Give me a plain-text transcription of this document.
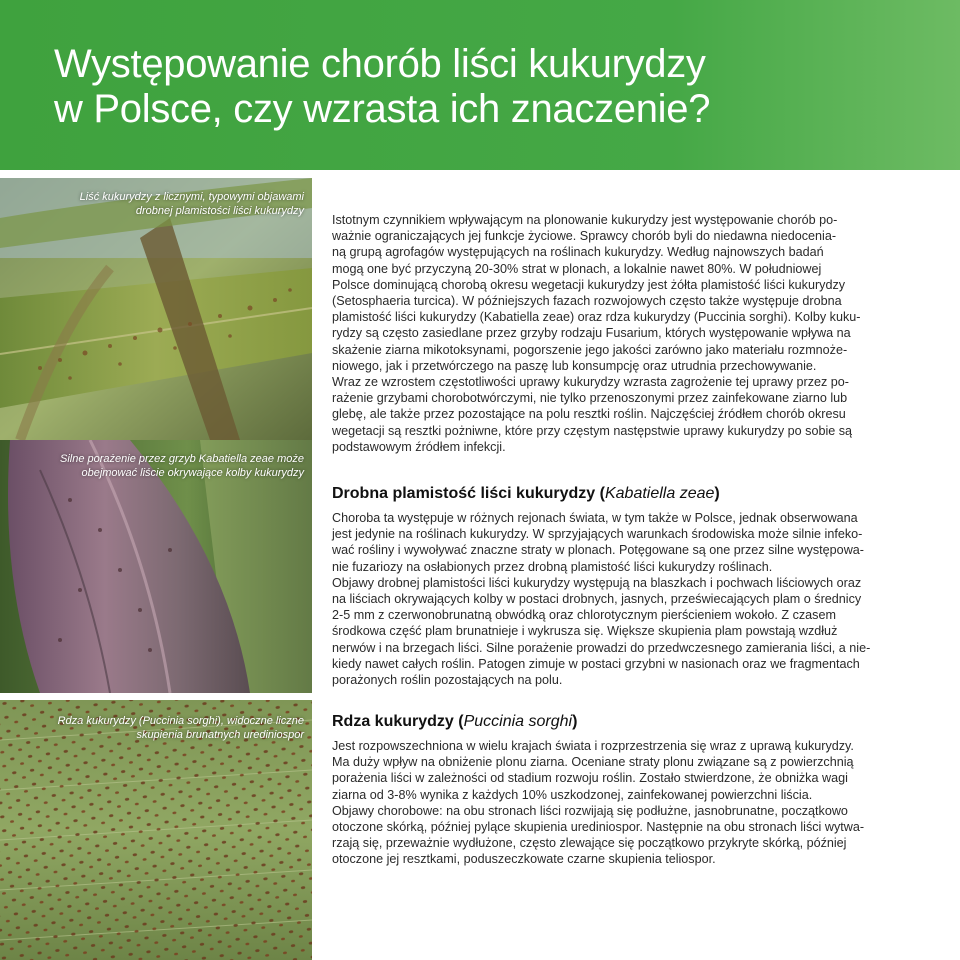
Występowanie chorób liści kukurydzy
w Polsce, czy wzrasta ich znaczenie?
Liść kukurydzy z licznymi, typowymi objawami
drobnej plamistości liści kukurydzy
Silne porażenie przez grzyb Kabatiella zeae może
obejmować liście okrywające kolby kukurydzy
Rdza kukurydzy (Puccinia sorghi), widoczne liczne
skupienia brunatnych urediniospor

Istotnym czynnikiem wpływającym na plonowanie kukurydzy jest występowanie chorób po-
ważnie ograniczających jej funkcje życiowe. Sprawcy chorób byli do niedawna niedocenia-
ną grupą agrofagów występujących na roślinach kukurydzy. Według najnowszych badań
mogą one być przyczyną 20-30% strat w plonach, a lokalnie nawet 80%. W południowej
Polsce dominującą chorobą okresu wegetacji kukurydzy jest żółta plamistość liści kukurydzy
(Setosphaeria turcica). W późniejszych fazach rozwojowych często także występuje drobna
plamistość liści kukurydzy (Kabatiella zeae) oraz rdza kukurydzy (Puccinia sorghi). Kolby kuku-
rydzy są często zasiedlane przez grzyby rodzaju Fusarium, których występowanie wpływa na
skażenie ziarna mikotoksynami, pogorszenie jego jakości zarówno jako materiału rozmnoże-
niowego, jak i przetwórczego na paszę lub konsumpcję oraz utrudnia przechowywanie.
Wraz ze wzrostem częstotliwości uprawy kukurydzy wzrasta zagrożenie tej uprawy przez po-
rażenie grzybami chorobotwórczymi, nie tylko przenoszonymi przez zainfekowane ziarno lub
glebę, ale także przez pozostające na polu resztki roślin. Najczęściej źródłem chorób okresu
wegetacji są resztki pożniwne, które przy częstym następstwie uprawy kukurydzy po sobie są
podstawowym źródłem infekcji.

Drobna plamistość liści kukurydzy (Kabatiella zeae)

Choroba ta występuje w różnych rejonach świata, w tym także w Polsce, jednak obserwowana
jest jedynie na roślinach kukurydzy. W sprzyjających warunkach środowiska może silnie infeko-
wać rośliny i wywoływać znaczne straty w plonach. Potęgowane są one przez silne występowa-
nie fuzariozy na osłabionych przez drobną plamistość liści kukurydzy roślinach.
Objawy drobnej plamistości liści kukurydzy występują na blaszkach i pochwach liściowych oraz
na liściach okrywających kolby w postaci drobnych, jasnych, przeświecających plam o średnicy
2-5 mm z czerwonobrunatną obwódką oraz chlorotycznym pierścieniem wokoło. Z czasem
środkowa część plam brunatnieje i wykrusza się. Większe skupienia plam powstają wzdłuż
nerwów i na brzegach liści. Silne porażenie prowadzi do przedwczesnego zamierania liści, a nie-
kiedy nawet całych roślin. Patogen zimuje w postaci grzybni w nasionach oraz we fragmentach
porażonych roślin pozostających na polu.

Rdza kukurydzy (Puccinia sorghi)

Jest rozpowszechniona w wielu krajach świata i rozprzestrzenia się wraz z uprawą kukurydzy.
Ma duży wpływ na obniżenie plonu ziarna. Oceniane straty plonu związane są z powierzchnią
porażenia liści w zależności od stadium rozwoju roślin. Zostało stwierdzone, że obniżka wagi
ziarna od 3-8% wynika z każdych 10% uszkodzonej, zainfekowanej powierzchni liścia.
Objawy chorobowe: na obu stronach liści rozwijają się podłużne, jasnobrunatne, początkowo
otoczone skórką, później pylące skupienia urediniospor. Następnie na obu stronach liści wytwa-
rzają się, przeważnie wydłużone, często zlewające się początkowo przykryte skórką, później
otoczone jej resztkami, poduszeczkowate czarne skupienia teliospor.
